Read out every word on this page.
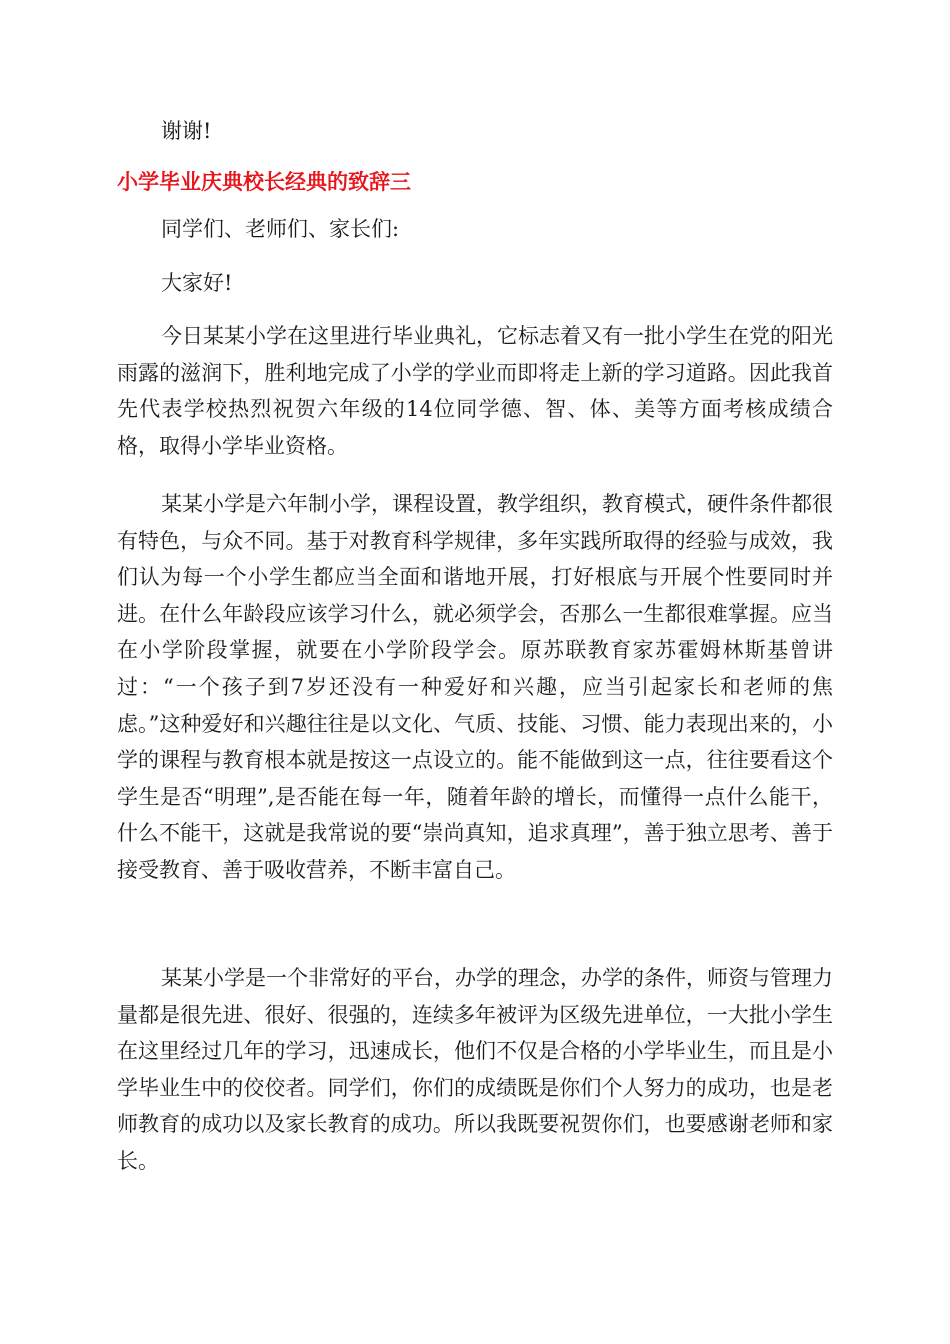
谢谢!
小学毕业庆典校长经典的致辞三
同学们、老师们、家长们:
大家好!

今日某某小学在这里进行毕业典礼，它标志着又有一批小学生在党的阳光雨露的滋润下，胜利地完成了小学的学业而即将走上新的学习道路。因此我首先代表学校热烈祝贺六年级的14位同学德、智、体、美等方面考核成绩合格，取得小学毕业资格。

某某小学是六年制小学，课程设置，教学组织，教育模式，硬件条件都很有特色，与众不同。基于对教育科学规律，多年实践所取得的经验与成效，我们认为每一个小学生都应当全面和谐地开展，打好根底与开展个性要同时并进。在什么年龄段应该学习什么，就必须学会，否那么一生都很难掌握。应当在小学阶段掌握，就要在小学阶段学会。原苏联教育家苏霍姆林斯基曾讲过：“一个孩子到7岁还没有一种爱好和兴趣，应当引起家长和老师的焦虑。”这种爱好和兴趣往往是以文化、气质、技能、习惯、能力表现出来的，小学的课程与教育根本就是按这一点设立的。能不能做到这一点，往往要看这个学生是否“明理”,是否能在每一年，随着年龄的增长，而懂得一点什么能干，什么不能干，这就是我常说的要“崇尚真知，追求真理”，善于独立思考、善于接受教育、善于吸收营养，不断丰富自己。

某某小学是一个非常好的平台，办学的理念，办学的条件，师资与管理力量都是很先进、很好、很强的，连续多年被评为区级先进单位，一大批小学生在这里经过几年的学习，迅速成长，他们不仅是合格的小学毕业生，而且是小学毕业生中的佼佼者。同学们，你们的成绩既是你们个人努力的成功，也是老师教育的成功以及家长教育的成功。所以我既要祝贺你们，也要感谢老师和家长。
